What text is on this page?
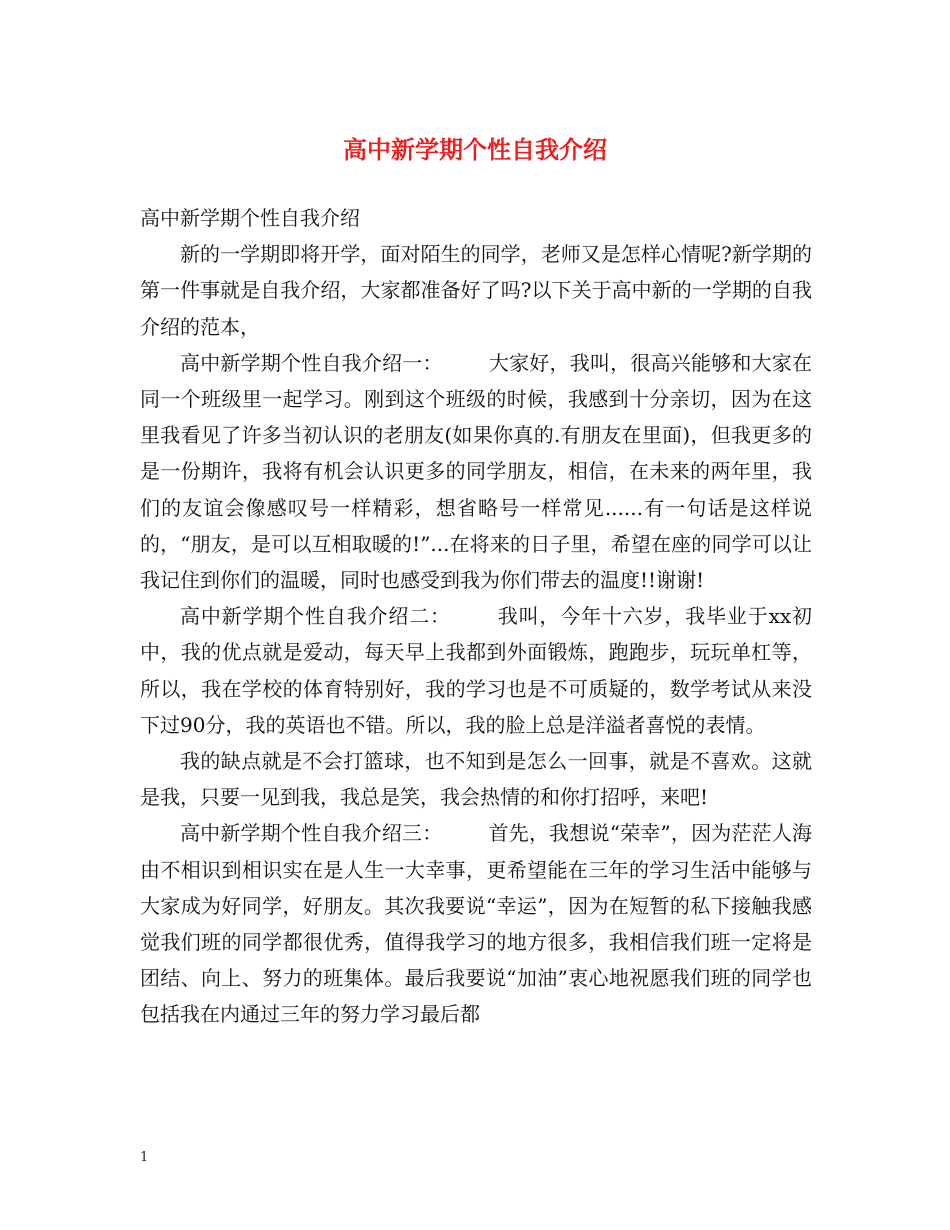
高中新学期个性自我介绍

高中新学期个性自我介绍

新的一学期即将开学，面对陌生的同学，老师又是怎样心情呢?新学期的第一件事就是自我介绍，大家都准备好了吗?以下关于高中新的一学期的自我介绍的范本，

高中新学期个性自我介绍一： 大家好，我叫，很高兴能够和大家在同一个班级里一起学习。刚到这个班级的时候，我感到十分亲切，因为在这里我看见了许多当初认识的老朋友(如果你真的.有朋友在里面)，但我更多的是一份期许，我将有机会认识更多的同学朋友，相信，在未来的两年里，我们的友谊会像感叹号一样精彩，想省略号一样常见......有一句话是这样说的，“朋友，是可以互相取暖的!”...在将来的日子里，希望在座的同学可以让我记住到你们的温暖，同时也感受到我为你们带去的温度!!谢谢!

高中新学期个性自我介绍二： 我叫，今年十六岁，我毕业于xx初中，我的优点就是爱动，每天早上我都到外面锻炼，跑跑步，玩玩单杠等，所以，我在学校的体育特别好，我的学习也是不可质疑的，数学考试从来没下过90分，我的英语也不错。所以，我的脸上总是洋溢者喜悦的表情。

我的缺点就是不会打篮球，也不知到是怎么一回事，就是不喜欢。这就是我，只要一见到我，我总是笑，我会热情的和你打招呼，来吧!

高中新学期个性自我介绍三： 首先，我想说“荣幸”，因为茫茫人海由不相识到相识实在是人生一大幸事，更希望能在三年的学习生活中能够与大家成为好同学，好朋友。其次我要说“幸运”，因为在短暂的私下接触我感觉我们班的同学都很优秀，值得我学习的地方很多，我相信我们班一定将是团结、向上、努力的班集体。最后我要说“加油”衷心地祝愿我们班的同学也包括我在内通过三年的努力学习最后都

1
